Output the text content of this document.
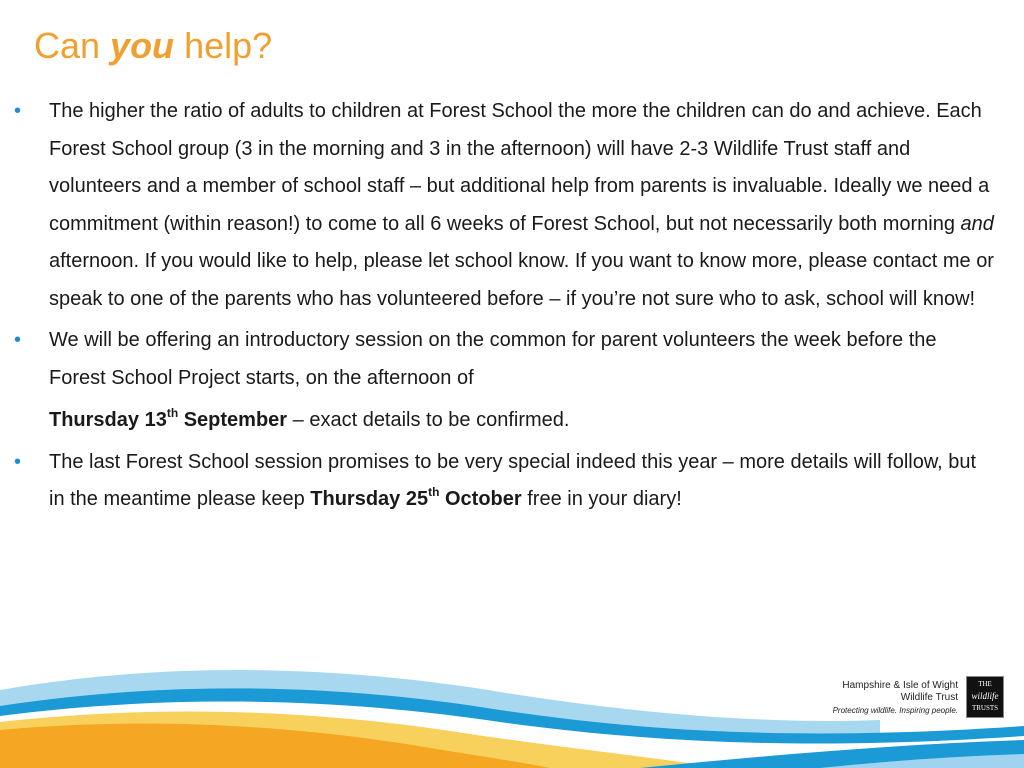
Can you help?
• The higher the ratio of adults to children at Forest School the more the children can do and achieve. Each Forest School group (3 in the morning and 3 in the afternoon) will have 2-3 Wildlife Trust staff and volunteers and a member of school staff – but additional help from parents is invaluable. Ideally we need a commitment (within reason!) to come to all 6 weeks of Forest School, but not necessarily both morning and afternoon. If you would like to help, please let school know. If you want to know more, please contact me or speak to one of the parents who has volunteered before – if you’re not sure who to ask, school will know!

• We will be offering an introductory session on the common for parent volunteers the week before the Forest School Project starts, on the afternoon of

Thursday 13th September – exact details to be confirmed.

• The last Forest School session promises to be very special indeed this year – more details will follow, but in the meantime please keep Thursday 25th October free in your diary!

Hampshire & Isle of Wight
Wildlife Trust
Protecting wildlife. Inspiring people.
THE
wildlife
TRUSTS
